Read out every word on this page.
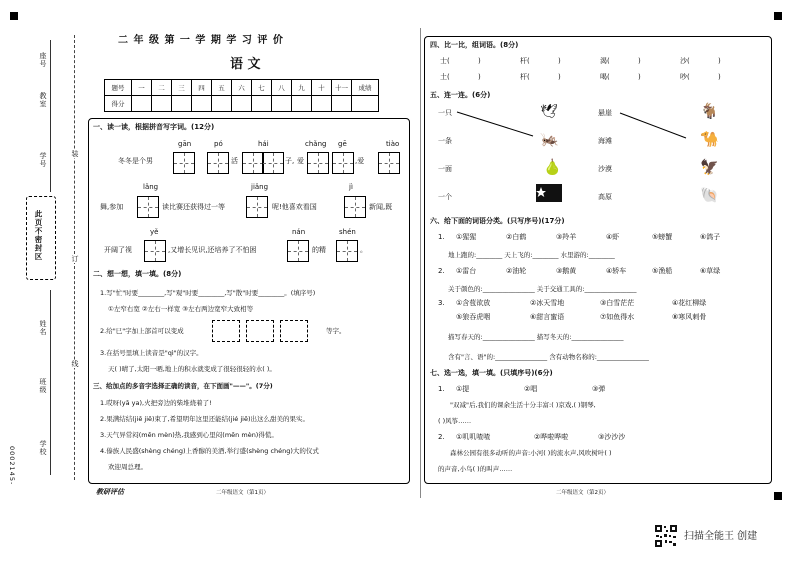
座号
教室
学号
此页不密封区
姓名
班级
学校
装
订
线
0002145-
二 年 级 第 一 学 期 学 习 评 价
语 文
题号	一	二	三	四	五	六	七	八	九	十	十一	成绩
得分												
一、读一读，根据拼音写字词。(12分)
gān	pó	hái	chǎng gē	tiào
冬冬是个男	活	子, 爱	,爱
lǎng	jiǎng	jì
舞,参加	读比赛还获得过一等	呢!他喜欢看国	新闻,既
yě	nán	shén
开阔了视	,又增长见识,还培养了不怕困	的精	。
二、想一想，填一填。(8分)
1.写"忙"时要________,写"观"时要________,写"散"时要________。(填序号)
①左窄右宽 ②左右一样宽 ③左右两边宽窄大致相等
2.给"巳"字加上部首可以变成	等字。
3.在括号里填上读音是"qì"的汉字。
天( )晴了,太阳一晒,地上的积水就变成了很轻很轻的水( )。
三、给加点的多音字选择正确的读音，在下面画"——"。(7分)
1.哎呀(yā ya),火把旁边的柴堆烧着了!
2.果满结结(jiē jiē)束了,希望明年这里还能结(jié jiē)出这么甜美的果实。
3.天气异常闷(mēn mèn)热,我感到心里闷(mēn mèn)得慌。
4.傣族人民盛(shèng chéng)上香醇的美酒,举行盛(shèng chéng)大的仪式
欢迎周总理。
教研评估	二年级语文（第1页）
四、比一比，组词语。(8分)
士(	)	杆(	)	渴(	)	沙(	)
土(	)	杆(	)	喝(	)	吵(	)
五、连一连。(6分)
一只
一条
一面
一个
🕊
🦗
🍐
悬崖
海滩
沙漠
高原
🐐
🐪
🦅
🐚
六、给下面的词语分类。(只写序号)(17分)
1. ①猩猩	②白鹤	③羚羊	④虾	⑤螃蟹	⑥鸽子
地上跑的:________ 天上飞的:________ 水里游的:________
2. ①雷台	②油轮	③鹅黄	④轿车	⑤渔船	⑥草绿
关于颜色的:________________ 关于交通工具的:________________
3. ①含苞欲放	②冰天雪地	③白雪茫茫	④花红柳绿
⑤狼吞虎咽	⑥甜言蜜语	⑦如鱼得水	⑧寒风刺骨
描写春天的:________________ 描写冬天的:________________
含有"言、语"的:________________ 含有动物名称的:________________
七、选一选，填一填。(只填序号)(6分)
1. ①提	②唱	③弹
"双减"后,我们的课余生活十分丰富:( )京戏,( )钢琴,
( )风筝……
2. ①叽叽喳喳	②哗啦哗啦	③沙沙沙
森林公园有很多动听的声音:小河( )的流水声,风吹树叶( )
的声音,小鸟( )的叫声……
二年级语文（第2页）
扫描全能王 创建
